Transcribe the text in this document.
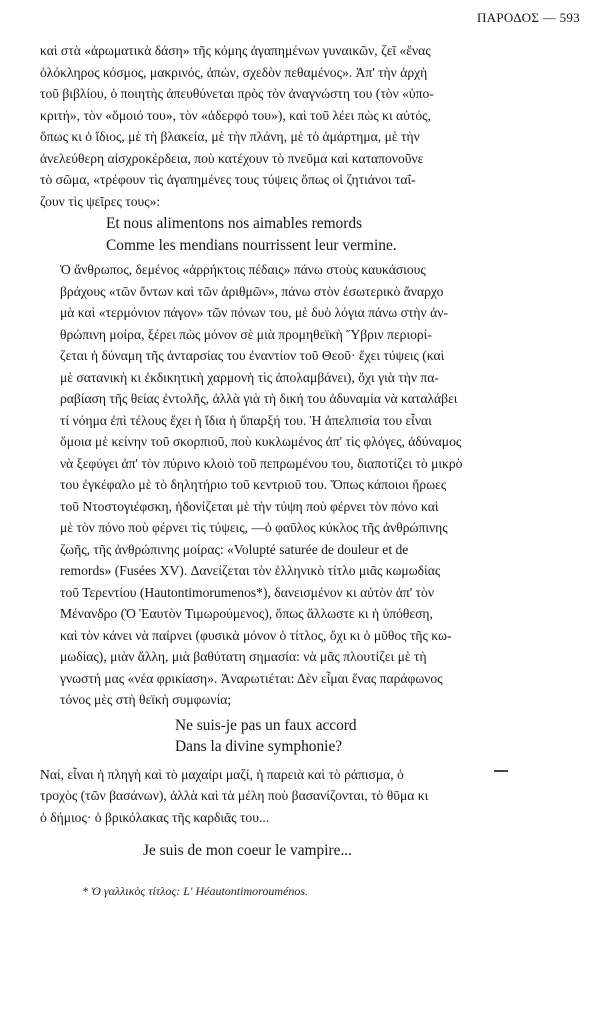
ΠΑΡΟΔΟΣ — 593

καὶ στὰ «ἀρωματικὰ δάση» τῆς κόμης ἀγαπημένων γυναικῶν, ζεῖ «ἕνας
ὁλόκληρος κόσμος, μακρινός, ἀπών, σχεδὸν πεθαμένος». Ἀπ' τὴν ἀρχὴ
τοῦ βιβλίου, ὁ ποιητὴς ἀπευθύνεται πρὸς τὸν ἀναγνώστη του (τὸν «ὑπο-
κριτή», τὸν «ὅμοιό του», τὸν «ἀδερφό του»), καὶ τοῦ λέει πὼς κι αὐτός,
ὅπως κι ὁ ἴδιος, μὲ τὴ βλακεία, μὲ τὴν πλάνη, μὲ τὸ ἁμάρτημα, μὲ τὴν
ἀνελεύθερη αἰσχροκέρδεια, ποὺ κατέχουν τὸ πνεῦμα καὶ καταπονοῦνε
τὸ σῶμα, «τρέφουν τὶς ἀγαπημένες τους τύψεις ὅπως οἱ ζητιάνοι ταΐ-
ζουν τὶς ψεῖρες τους»:

Et nous alimentons nos aimables remords
Comme les mendians nourrissent leur vermine.

Ὁ ἄνθρωπος, δεμένος «ἀρρήκτοις πέδαις» πάνω στοὺς καυκάσιους
βράχους «τῶν ὄντων καὶ τῶν ἀριθμῶν», πάνω στὸν ἐσωτερικὸ ἄναρχο
μὰ καὶ «τερμόνιον πάγον» τῶν πόνων του, μὲ δυὸ λόγια πάνω στὴν ἀν-
θρώπινη μοίρα, ξέρει πὼς μόνον σὲ μιὰ προμηθεϊκὴ Ὕβριν περιορί-
ζεται ἡ δύναμη τῆς ἀνταρσίας του ἐναντίον τοῦ Θεοῦ· ἔχει τύψεις (καὶ
μὲ σατανικὴ κι ἐκδικητικὴ χαρμονὴ τὶς ἀπολαμβάνει), ὄχι γιὰ τὴν πα-
ραβίαση τῆς θείας ἐντολῆς, ἀλλὰ γιὰ τὴ δική του ἀδυναμία νὰ καταλάβει
τί νόημα ἐπὶ τέλους ἔχει ἡ ἴδια ἡ ὕπαρξή του. Ἡ ἀπελπισία του εἶναι
ὅμοια μὲ κείνην τοῦ σκορπιοῦ, ποὺ κυκλωμένος ἀπ' τὶς φλόγες, ἀδύναμος
νὰ ξεφύγει ἀπ' τὸν πύρινο κλοιὸ τοῦ πεπρωμένου του, διαποτίζει τὸ μικρὸ
του ἐγκέφαλο μὲ τὸ δηλητήριο τοῦ κεντριοῦ του. Ὅπως κάποιοι ἥρωες
τοῦ Ντοστογιέφσκη, ἡδονίζεται μὲ τὴν τύψη ποὺ φέρνει τὸν πόνο καὶ
μὲ τὸν πόνο ποὺ φέρνει τὶς τύψεις, —ὁ φαῦλος κύκλος τῆς ἀνθρώπινης
ζωῆς, τῆς ἀνθρώπινης μοίρας: «Volupté saturée de douleur et de
remords» (Fusées XV). Δανείζεται τὸν ἑλληνικὸ τίτλο μιᾶς κωμωδίας
τοῦ Τερεντίου (Hautontimorumenos*), δανεισμένον κι αὐτὸν ἀπ' τὸν
Μένανδρο (Ὁ Ἑαυτὸν Τιμωρούμενος), ὅπως ἄλλωστε κι ἡ ὑπόθεση,
καὶ τὸν κάνει νὰ παίρνει (φυσικὰ μόνον ὁ τίτλος, ὄχι κι ὁ μῦθος τῆς κω-
μωδίας), μιὰν ἄλλη, μιὰ βαθύτατη σημασία: νὰ μᾶς πλουτίζει μὲ τὴ
γνωστή μας «νέα φρικίαση». Ἀναρωτιέται: Δὲν εἶμαι ἕνας παράφωνος
τόνος μὲς στὴ θεϊκὴ συμφωνία;

Ne suis-je pas un faux accord
Dans la divine symphonie?

Ναί, εἶναι ἡ πληγὴ καὶ τὸ μαχαίρι μαζί, ἡ παρειὰ καὶ τὸ ράπισμα, ὁ
τροχὸς (τῶν βασάνων), ἀλλὰ καὶ τὰ μέλη ποὺ βασανίζονται, τὸ θῦμα κι
ὁ δήμιος· ὁ βρικόλακας τῆς καρδιᾶς του...

Je suis de mon coeur le vampire...
* Ὁ γαλλικὸς τίτλος: L' Héautontimorouménos.
